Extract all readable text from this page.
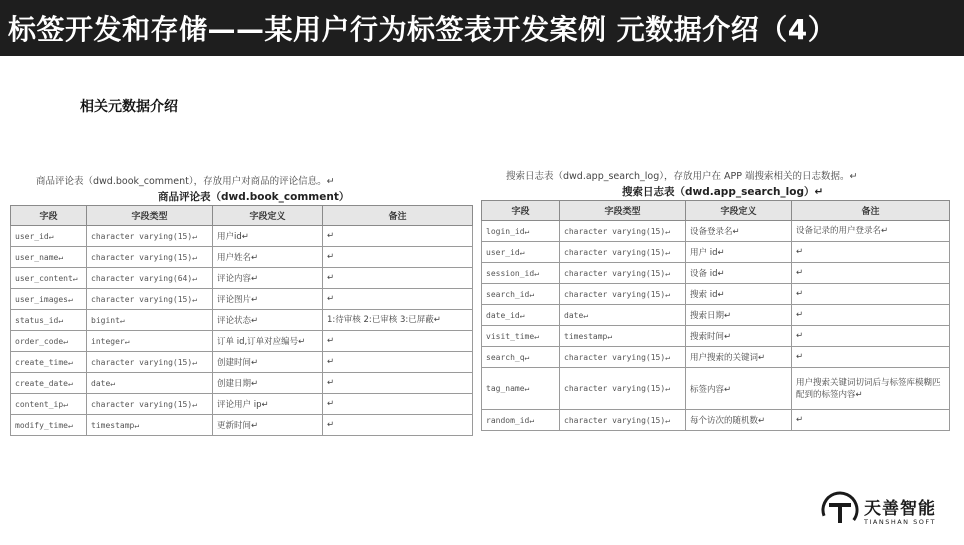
标签开发和存储——某用户行为标签表开发案例 元数据介绍（4）
相关元数据介绍
商品评论表（dwd.book_comment），存放用户对商品的评论信息。↵
商品评论表（dwd.book_comment）
字段	字段类型	字段定义	备注
user_id↵	character varying(15)↵	用户id↵	↵
user_name↵	character varying(15)↵	用户姓名↵	↵
user_content↵	character varying(64)↵	评论内容↵	↵
user_images↵	character varying(15)↵	评论图片↵	↵
status_id↵	bigint↵	评论状态↵	1:待审核 2:已审核 3:已屏蔽↵
order_code↵	integer↵	订单 id,订单对应编号↵	↵
create_time↵	character varying(15)↵	创建时间↵	↵
create_date↵	date↵	创建日期↵	↵
content_ip↵	character varying(15)↵	评论用户 ip↵	↵
modify_time↵	timestamp↵	更新时间↵	↵
搜索日志表（dwd.app_search_log），存放用户在 APP 端搜索相关的日志数据。↵
搜索日志表（dwd.app_search_log）↵
字段	字段类型	字段定义	备注
login_id↵	character varying(15)↵	设备登录名↵	设备记录的用户登录名↵
user_id↵	character varying(15)↵	用户 id↵	↵
session_id↵	character varying(15)↵	设备 id↵	↵
search_id↵	character varying(15)↵	搜索 id↵	↵
date_id↵	date↵	搜索日期↵	↵
visit_time↵	timestamp↵	搜索时间↵	↵
search_q↵	character varying(15)↵	用户搜索的关键词↵	↵
tag_name↵	character varying(15)↵	标签内容↵	用户搜索关键词切词后与标签库模糊匹配到的标签内容↵
random_id↵	character varying(15)↵	每个访次的随机数↵	↵
天善智能
TIANSHAN SOFT
